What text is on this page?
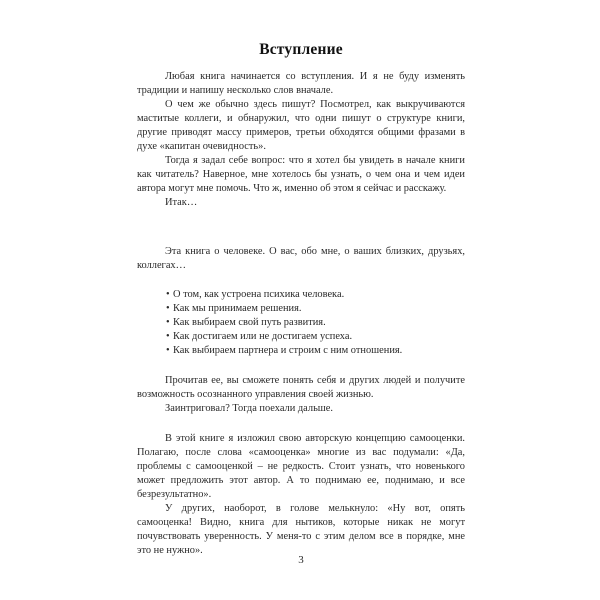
Вступление

Любая книга начинается со вступления. И я не буду изменять традиции и напишу несколько слов вначале.

О чем же обычно здесь пишут? Посмотрел, как выкручиваются маститые коллеги, и обнаружил, что одни пишут о структуре книги, другие приводят массу примеров, третьи обходятся общими фразами в духе «капитан очевидность».

Тогда я задал себе вопрос: что я хотел бы увидеть в начале книги как читатель? Наверное, мне хотелось бы узнать, о чем она и чем идеи автора могут мне помочь. Что ж, именно об этом я сейчас и расскажу.

Итак…

Эта книга о человеке. О вас, обо мне, о ваших близких, друзьях, коллегах…

• О том, как устроена психика человека.
• Как мы принимаем решения.
• Как выбираем свой путь развития.
• Как достигаем или не достигаем успеха.
• Как выбираем партнера и строим с ним отношения.

Прочитав ее, вы сможете понять себя и других людей и получите возможность осознанного управления своей жизнью.

Заинтриговал? Тогда поехали дальше.

В этой книге я изложил свою авторскую концепцию самооценки. Полагаю, после слова «самооценка» многие из вас подумали: «Да, проблемы с самооценкой – не редкость. Стоит узнать, что новенького может предложить этот автор. А то поднимаю ее, поднимаю, и все безрезультатно».

У других, наоборот, в голове мелькнуло: «Ну вот, опять самооценка! Видно, книга для нытиков, которые никак не могут почувствовать уверенность. У меня-то с этим делом все в порядке, мне это не нужно».

3
